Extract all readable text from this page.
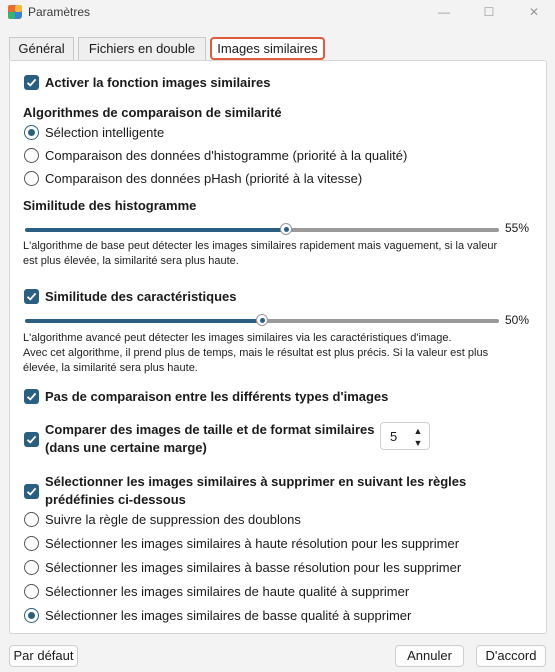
Paramètres	—	☐	✕
Général	Fichiers en double	Images similaires
Activer la fonction images similaires
Algorithmes de comparaison de similarité
Sélection intelligente
Comparaison des données d'histogramme (priorité à la qualité)
Comparaison des données pHash (priorité à la vitesse)
Similitude des histogramme
55%
L'algorithme de base peut détecter les images similaires rapidement mais vaguement, si la valeur
est plus élevée, la similarité sera plus haute.
Similitude des caractéristiques
50%
L'algorithme avancé peut détecter les images similaires via les caractéristiques d'image.
Avec cet algorithme, il prend plus de temps, mais le résultat est plus précis. Si la valeur est plus
élevée, la similarité sera plus haute.
Pas de comparaison entre les différents types d'images
Comparer des images de taille et de format similaires
(dans une certaine marge)
Sélectionner les images similaires à supprimer en suivant les règles
prédéfinies ci-dessous
Suivre la règle de suppression des doublons
Sélectionner les images similaires à haute résolution pour les supprimer
Sélectionner les images similaires à basse résolution pour les supprimer
Sélectionner les images similaires de haute qualité à supprimer
Sélectionner les images similaires de basse qualité à supprimer
5 ▲
▼
Par défaut	Annuler	D'accord
